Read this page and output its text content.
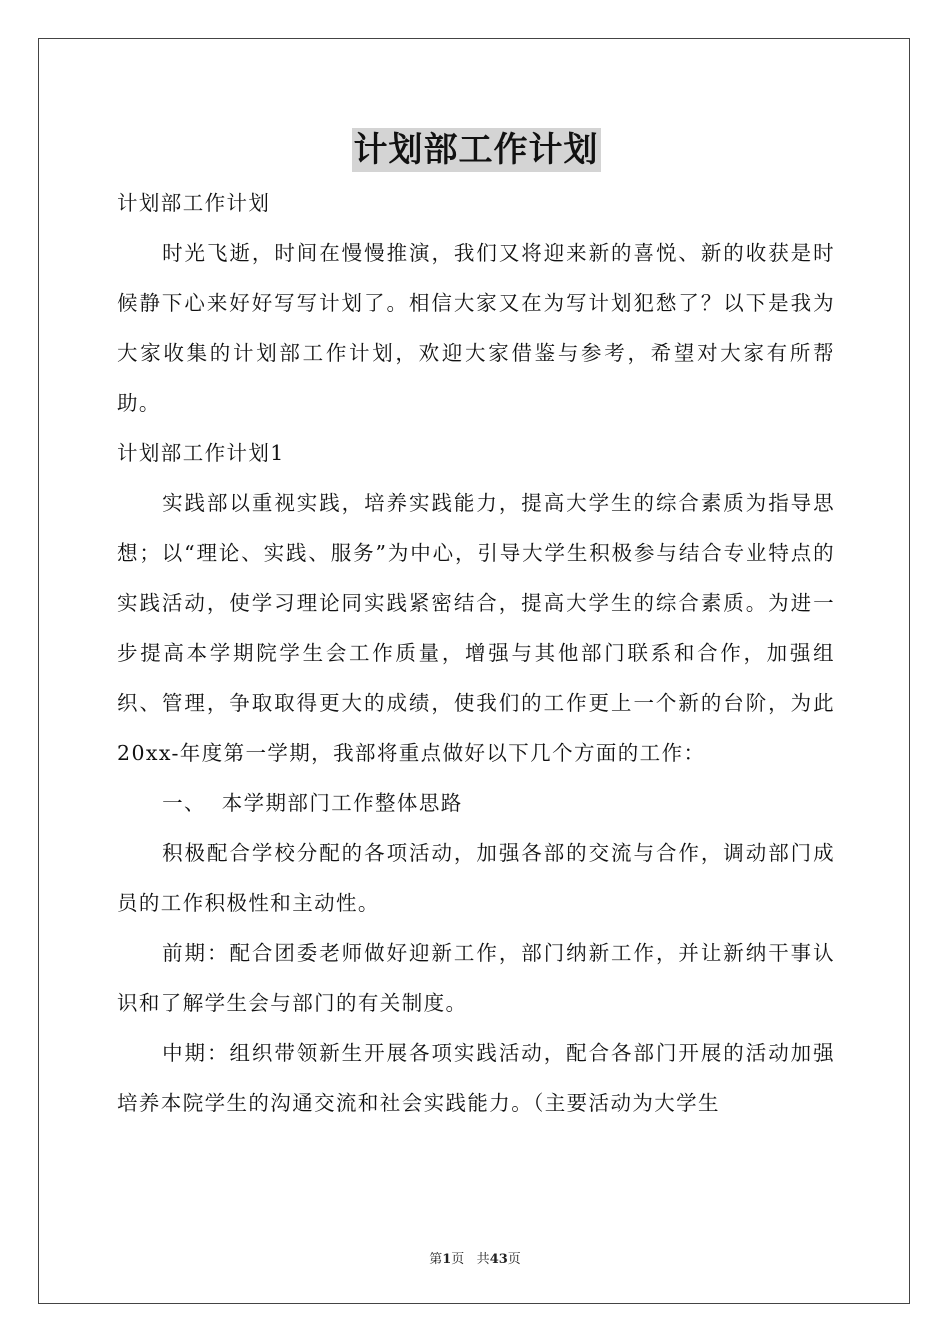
计划部工作计划

计划部工作计划

时光飞逝，时间在慢慢推演，我们又将迎来新的喜悦、新的收获是时候静下心来好好写写计划了。相信大家又在为写计划犯愁了？以下是我为大家收集的计划部工作计划，欢迎大家借鉴与参考，希望对大家有所帮助。

计划部工作计划1

实践部以重视实践，培养实践能力，提高大学生的综合素质为指导思想；以“理论、实践、服务”为中心，引导大学生积极参与结合专业特点的实践活动，使学习理论同实践紧密结合，提高大学生的综合素质。为进一步提高本学期院学生会工作质量，增强与其他部门联系和合作，加强组织、管理，争取取得更大的成绩，使我们的工作更上一个新的台阶，为此20xx-年度第一学期，我部将重点做好以下几个方面的工作：

一、  本学期部门工作整体思路

积极配合学校分配的各项活动，加强各部的交流与合作，调动部门成员的工作积极性和主动性。

前期：配合团委老师做好迎新工作，部门纳新工作，并让新纳干事认识和了解学生会与部门的有关制度。

中期：组织带领新生开展各项实践活动，配合各部门开展的活动加强培养本院学生的沟通交流和社会实践能力。（主要活动为大学生

第1页 共43页
